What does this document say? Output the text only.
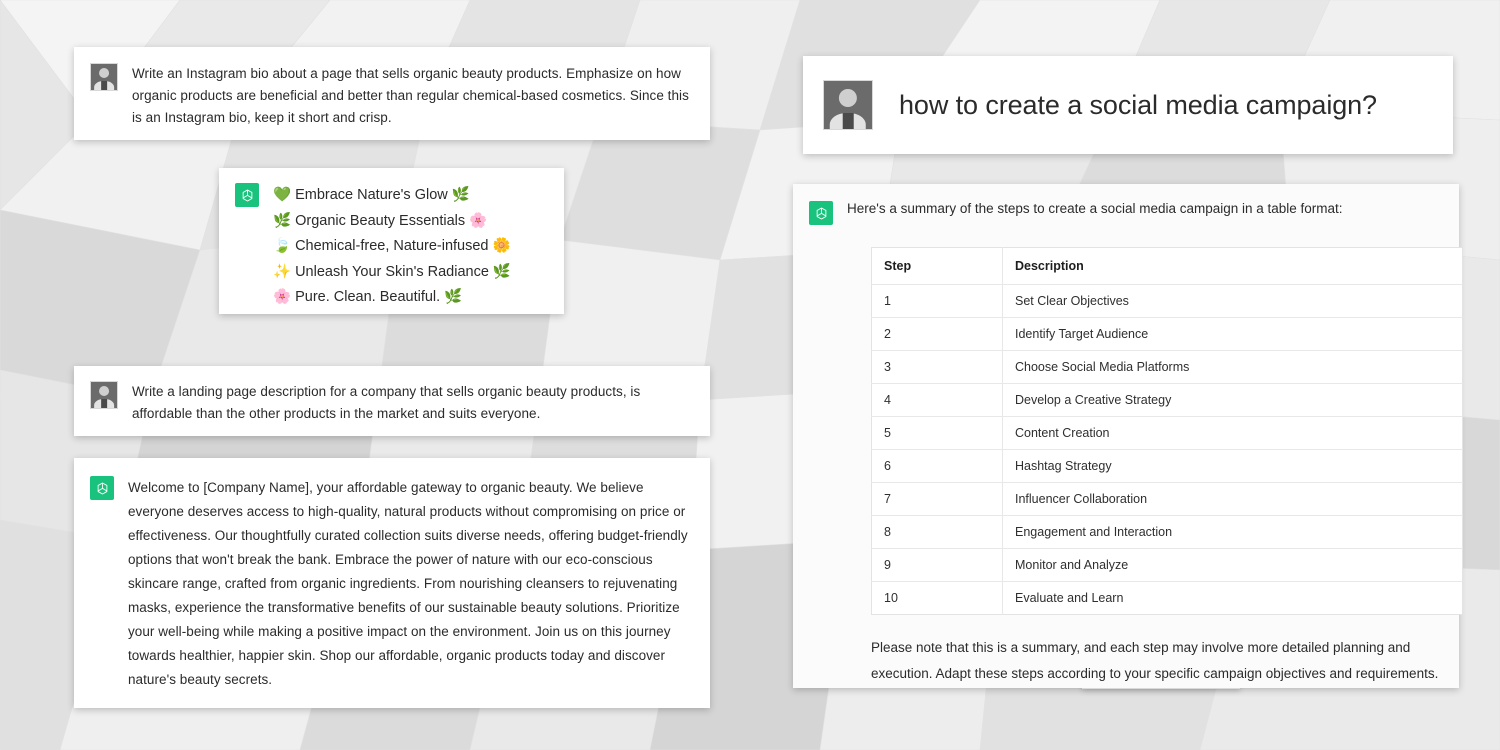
Write an Instagram bio about a page that sells organic beauty products. Emphasize on how organic products are beneficial and better than regular chemical-based cosmetics. Since this is an Instagram bio, keep it short and crisp.
💚 Embrace Nature's Glow 🌿
🌿 Organic Beauty Essentials 🌸
🍃 Chemical-free, Nature-infused 🌼
✨ Unleash Your Skin's Radiance 🌿
🌸 Pure. Clean. Beautiful. 🌿
Write a landing page description for a company that sells organic beauty products, is affordable than the other products in the market and suits everyone.
Welcome to [Company Name], your affordable gateway to organic beauty. We believe everyone deserves access to high-quality, natural products without compromising on price or effectiveness. Our thoughtfully curated collection suits diverse needs, offering budget-friendly options that won't break the bank. Embrace the power of nature with our eco-conscious skincare range, crafted from organic ingredients. From nourishing cleansers to rejuvenating masks, experience the transformative benefits of our sustainable beauty solutions. Prioritize your well-being while making a positive impact on the environment. Join us on this journey towards healthier, happier skin. Shop our affordable, organic products today and discover nature's beauty secrets.
how to create a social media campaign?
Here's a summary of the steps to create a social media campaign in a table format:
Step	Description
1	Set Clear Objectives
2	Identify Target Audience
3	Choose Social Media Platforms
4	Develop a Creative Strategy
5	Content Creation
6	Hashtag Strategy
7	Influencer Collaboration
8	Engagement and Interaction
9	Monitor and Analyze
10	Evaluate and Learn
Please note that this is a summary, and each step may involve more detailed planning and execution. Adapt these steps according to your specific campaign objectives and requirements.
